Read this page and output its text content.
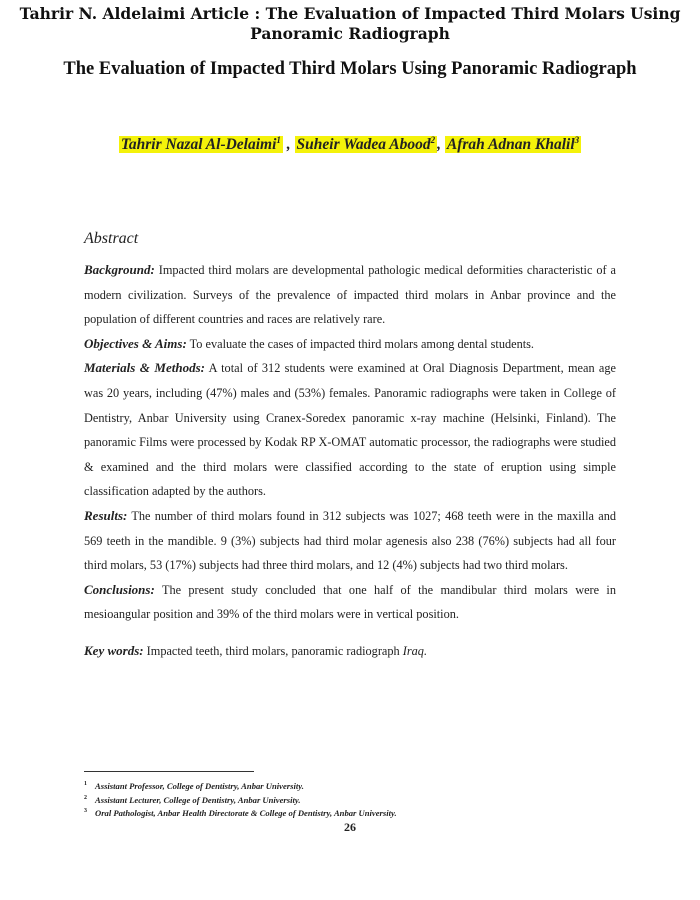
Tahrir N. Aldelaimi Article : The Evaluation of Impacted Third Molars Using Panoramic Radiograph
The Evaluation of Impacted Third Molars Using Panoramic Radiograph
Tahrir Nazal Al-Delaimi$^1$ , Suheir Wadea Abood$^2$ , Afrah Adnan Khalil$^3$
Abstract

Background: Impacted third molars are developmental pathologic medical deformities characteristic of a modern civilization. Surveys of the prevalence of impacted third molars in Anbar province and the population of different countries and races are relatively rare.

Objectives & Aims: To evaluate the cases of impacted third molars among dental students.

Materials & Methods: A total of 312 students were examined at Oral Diagnosis Department, mean age was 20 years, including (47%) males and (53%) females. Panoramic radiographs were taken in College of Dentistry, Anbar University using Cranex-Soredex panoramic x-ray machine (Helsinki, Finland). The panoramic Films were processed by Kodak RP X-OMAT automatic processor, the radiographs were studied & examined and the third molars were classified according to the state of eruption using simple classification adapted by the authors.

Results: The number of third molars found in 312 subjects was 1027; 468 teeth were in the maxilla and 569 teeth in the mandible. 9 (3%) subjects had third molar agenesis also 238 (76%) subjects had all four third molars, 53 (17%) subjects had three third molars, and 12 (4%) subjects had two third molars.

Conclusions: The present study concluded that one half of the mandibular third molars were in mesioangular position and 39% of the third molars were in vertical position.

Key words: Impacted teeth, third molars, panoramic radiograph Iraq.

$^1$ Assistant Professor, College of Dentistry, Anbar University.
$^2$ Assistant Lecturer, College of Dentistry, Anbar University.
$^3$ Oral Pathologist, Anbar Health Directorate & College of Dentistry, Anbar University.
26
